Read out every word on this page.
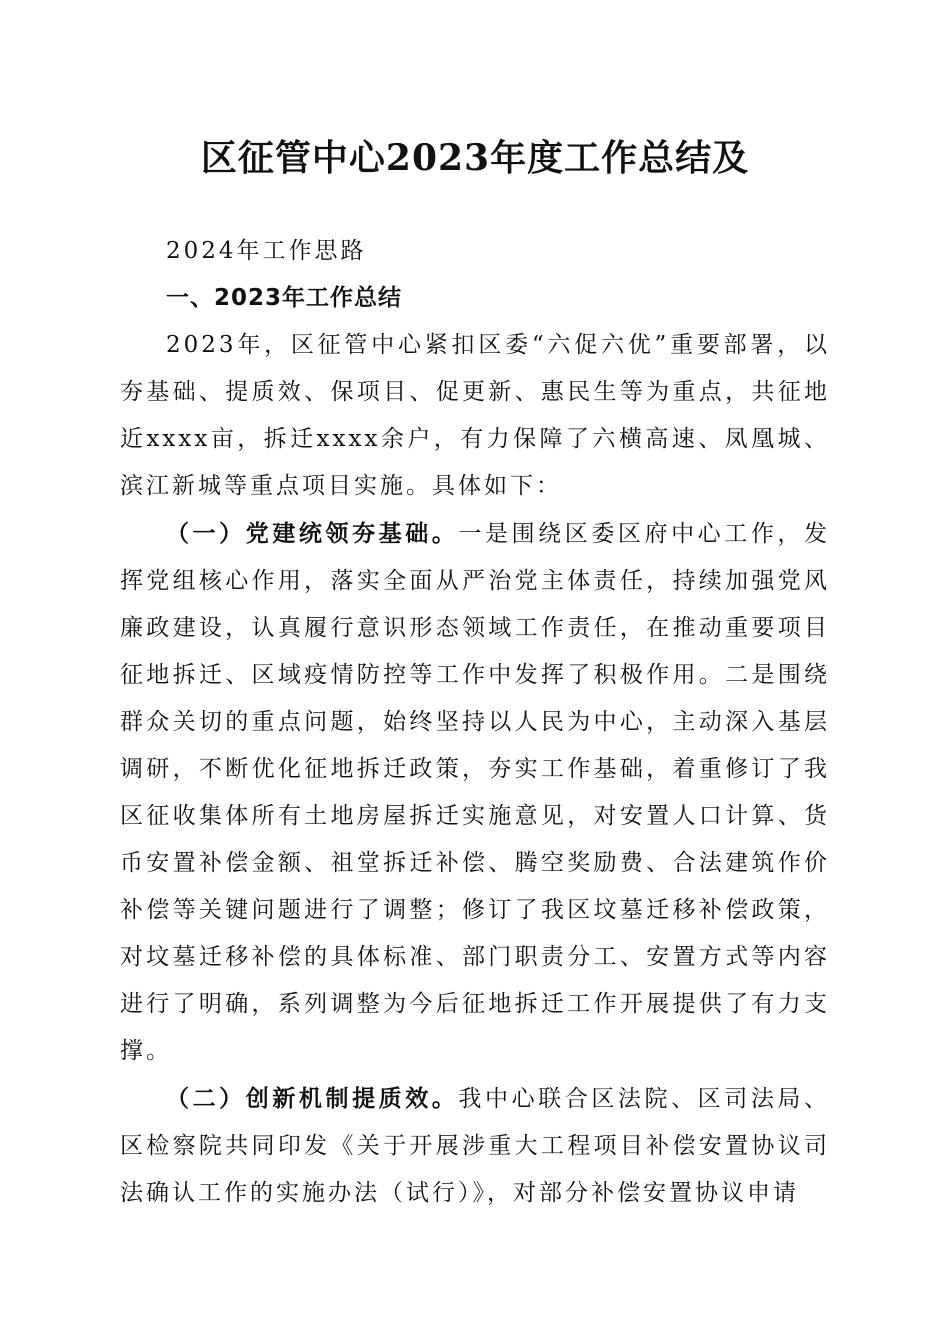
区征管中心2023年度工作总结及

2024年工作思路

一、2023年工作总结

2023年，区征管中心紧扣区委“六促六优”重要部署，以夯基础、提质效、保项目、促更新、惠民生等为重点，共征地近xxxx亩，拆迁xxxx余户，有力保障了六横高速、凤凰城、滨江新城等重点项目实施。具体如下：

（一）党建统领夯基础。一是围绕区委区府中心工作，发挥党组核心作用，落实全面从严治党主体责任，持续加强党风廉政建设，认真履行意识形态领域工作责任，在推动重要项目征地拆迁、区域疫情防控等工作中发挥了积极作用。二是围绕群众关切的重点问题，始终坚持以人民为中心，主动深入基层调研，不断优化征地拆迁政策，夯实工作基础，着重修订了我区征收集体所有土地房屋拆迁实施意见，对安置人口计算、货币安置补偿金额、祖堂拆迁补偿、腾空奖励费、合法建筑作价补偿等关键问题进行了调整；修订了我区坟墓迁移补偿政策，对坟墓迁移补偿的具体标准、部门职责分工、安置方式等内容进行了明确，系列调整为今后征地拆迁工作开展提供了有力支撑。

（二）创新机制提质效。我中心联合区法院、区司法局、区检察院共同印发《关于开展涉重大工程项目补偿安置协议司法确认工作的实施办法（试行）》，对部分补偿安置协议申请
